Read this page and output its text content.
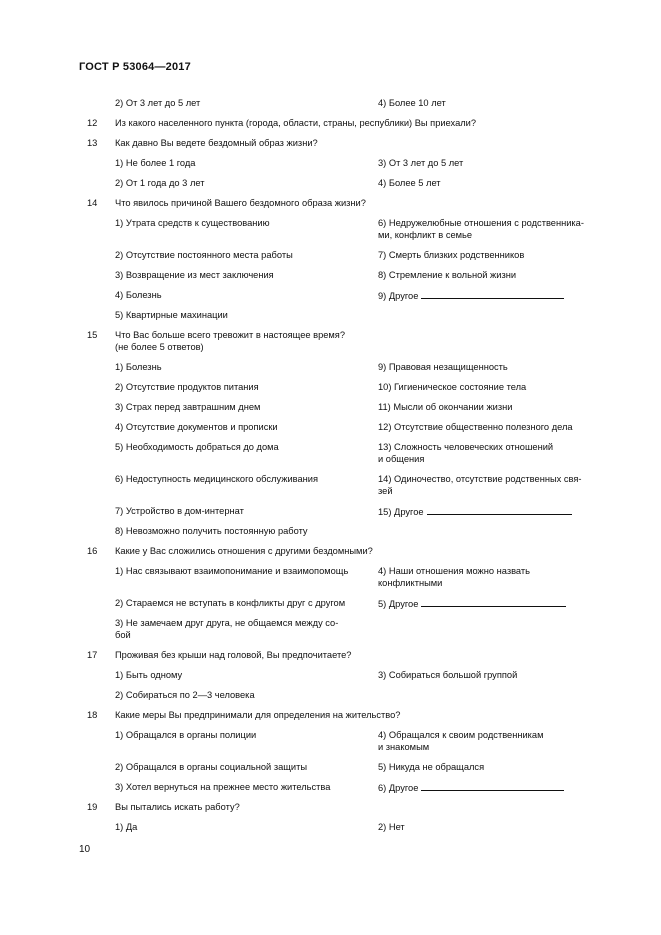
ГОСТ Р 53064—2017
2) От 3 лет до 5 лет	4) Более 10 лет
12 Из какого населенного пункта (города, области, страны, республики) Вы приехали?
13 Как давно Вы ведете бездомный образ жизни?
1) Не более 1 года	3) От 3 лет до 5 лет
2) От 1 года до 3 лет	4) Более 5 лет
14 Что явилось причиной Вашего бездомного образа жизни?
1) Утрата средств к существованию	6) Недружелюбные отношения с родственника-
ми, конфликт в семье
2) Отсутствие постоянного места работы	7) Смерть близких родственников
3) Возвращение из мест заключения	8) Стремление к вольной жизни
4) Болезнь	9) Другое
5) Квартирные махинации
15 Что Вас больше всего тревожит в настоящее время?
(не более 5 ответов)
1) Болезнь	9) Правовая незащищенность
2) Отсутствие продуктов питания	10) Гигиеническое состояние тела
3) Страх перед завтрашним днем	11) Мысли об окончании жизни
4) Отсутствие документов и прописки	12) Отсутствие общественно полезного дела
5) Необходимость добраться до дома	13) Сложность человеческих отношений
и общения
6) Недоступность медицинского обслуживания	14) Одиночество, отсутствие родственных свя-
зей
7) Устройство в дом-интернат	15) Другое
8) Невозможно получить постоянную работу
16 Какие у Вас сложились отношения с другими бездомными?
1) Нас связывают взаимопонимание и взаимопомощь	4) Наши отношения можно назвать
конфликтными
2) Стараемся не вступать в конфликты друг с другом	5) Другое
3) Не замечаем друг друга, не общаемся между со-
бой
17 Проживая без крыши над головой, Вы предпочитаете?
1) Быть одному	3) Собираться большой группой
2) Собираться по 2—3 человека
18 Какие меры Вы предпринимали для определения на жительство?
1) Обращался в органы полиции	4) Обращался к своим родственникам
и знакомым
2) Обращался в органы социальной защиты	5) Никуда не обращался
3) Хотел вернуться на прежнее место жительства	6) Другое
19 Вы пытались искать работу?
1) Да	2) Нет
10
